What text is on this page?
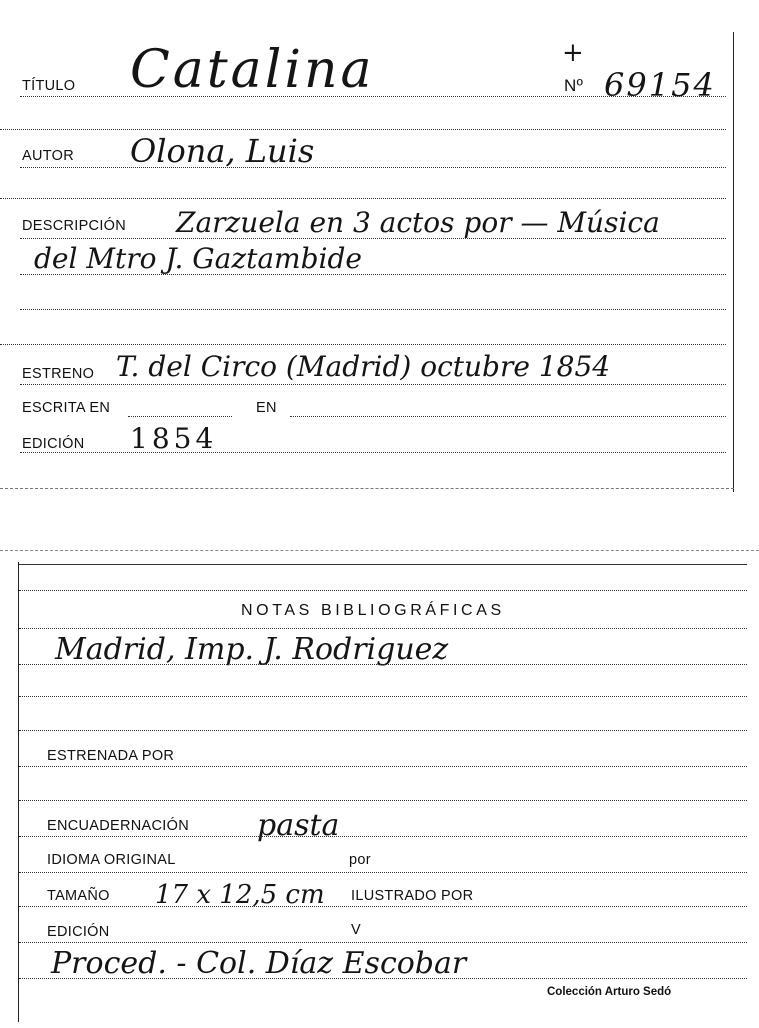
TÍTULO Catalina	+
Nº 69154
AUTOR Olona, Luis
DESCRIPCIÓN Zarzuela en 3 actos por — Música
del Mtro J. Gaztambide
ESTRENO T. del Circo (Madrid) octubre 1854
ESCRITA EN	EN
EDICIÓN 1854
NOTAS BIBLIOGRÁFICAS
Madrid, Imp. J. Rodriguez
ESTRENADA POR
ENCUADERNACIÓN pasta
IDIOMA ORIGINAL	por
TAMAÑO 17 x 12,5 cm ILUSTRADO POR
EDICIÓN	V
Proced. - Col. Díaz Escobar
Colección Arturo Sedó
